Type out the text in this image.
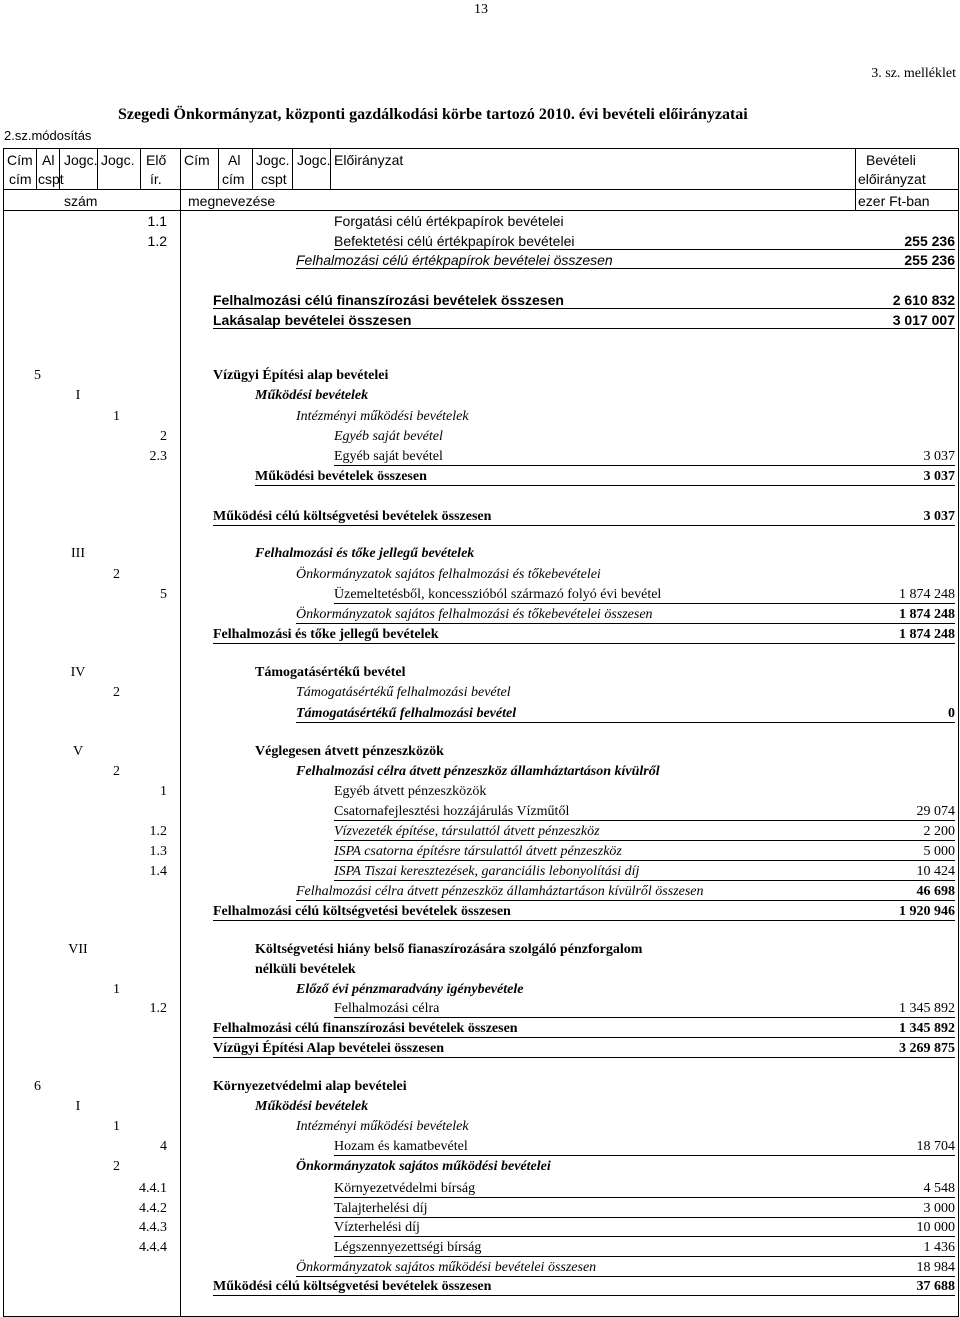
13
3. sz. melléklet
Szegedi Önkormányzat, központi gazdálkodási körbe tartozó 2010. évi bevételi előirányzatai
2.sz.módosítás
Cím Al Jogc. Jogc. Elő Cím Al Jogc. Jogc. Előirányzat	Bevételi
cím cspt	ír.	cím cspt	előirányzat
szám	megnevezése	ezer Ft-ban
1.1	Forgatási célú értékpapírok bevételei
1.2	Befektetési célú értékpapírok bevételei	255 236
Felhalmozási célú értékpapírok bevételei összesen	255 236
Felhalmozási célú finanszírozási bevételek összesen	2 610 832
Lakásalap bevételei összesen	3 017 007
5	Vízügyi Építési alap bevételei
I	Működési bevételek
1	Intézményi működési bevételek
2	Egyéb saját bevétel
2.3	Egyéb saját bevétel	3 037
Működési bevételek összesen	3 037
Működési célú költségvetési bevételek összesen	3 037
III	Felhalmozási és tőke jellegű bevételek
2	Önkormányzatok sajátos felhalmozási és tőkebevételei
5	Üzemeltetésből, koncesszióból származó folyó évi bevétel	1 874 248
Önkormányzatok sajátos felhalmozási és tőkebevételei összesen	1 874 248
Felhalmozási és tőke jellegű bevételek	1 874 248
IV	Támogatásértékű bevétel
2	Támogatásértékű felhalmozási bevétel
Támogatásértékű felhalmozási bevétel	0
V	Véglegesen átvett pénzeszközök
2	Felhalmozási célra átvett pénzeszköz államháztartáson kívülről
1	Egyéb átvett pénzeszközök
Csatornafejlesztési hozzájárulás Vízműtől	29 074
1.2	Vízvezeték építése, társulattól átvett pénzeszköz	2 200
1.3	ISPA csatorna építésre társulattól átvett pénzeszköz	5 000
1.4	ISPA Tiszai keresztezések, garanciális lebonyolítási díj	10 424
Felhalmozási célra átvett pénzeszköz államháztartáson kívülről összesen	46 698
Felhalmozási célú költségvetési bevételek összesen	1 920 946
VII	Költségvetési hiány belső fianaszírozására szolgáló pénzforgalom
nélküli bevételek
1	Előző évi pénzmaradvány igénybevétele
1.2	Felhalmozási célra	1 345 892
Felhalmozási célú finanszírozási bevételek összesen	1 345 892
Vízügyi Építési Alap bevételei összesen	3 269 875
6	Környezetvédelmi alap bevételei
I	Működési bevételek
1	Intézményi működési bevételek
4	Hozam és kamatbevétel	18 704
2	Önkormányzatok sajátos működési bevételei
4.4.1	Környezetvédelmi bírság	4 548
4.4.2	Talajterhelési díj	3 000
4.4.3	Vízterhelési díj	10 000
4.4.4	Légszennyezettségi bírság	1 436
Önkormányzatok sajátos működési bevételei összesen	18 984
Működési célú költségvetési bevételek összesen	37 688
